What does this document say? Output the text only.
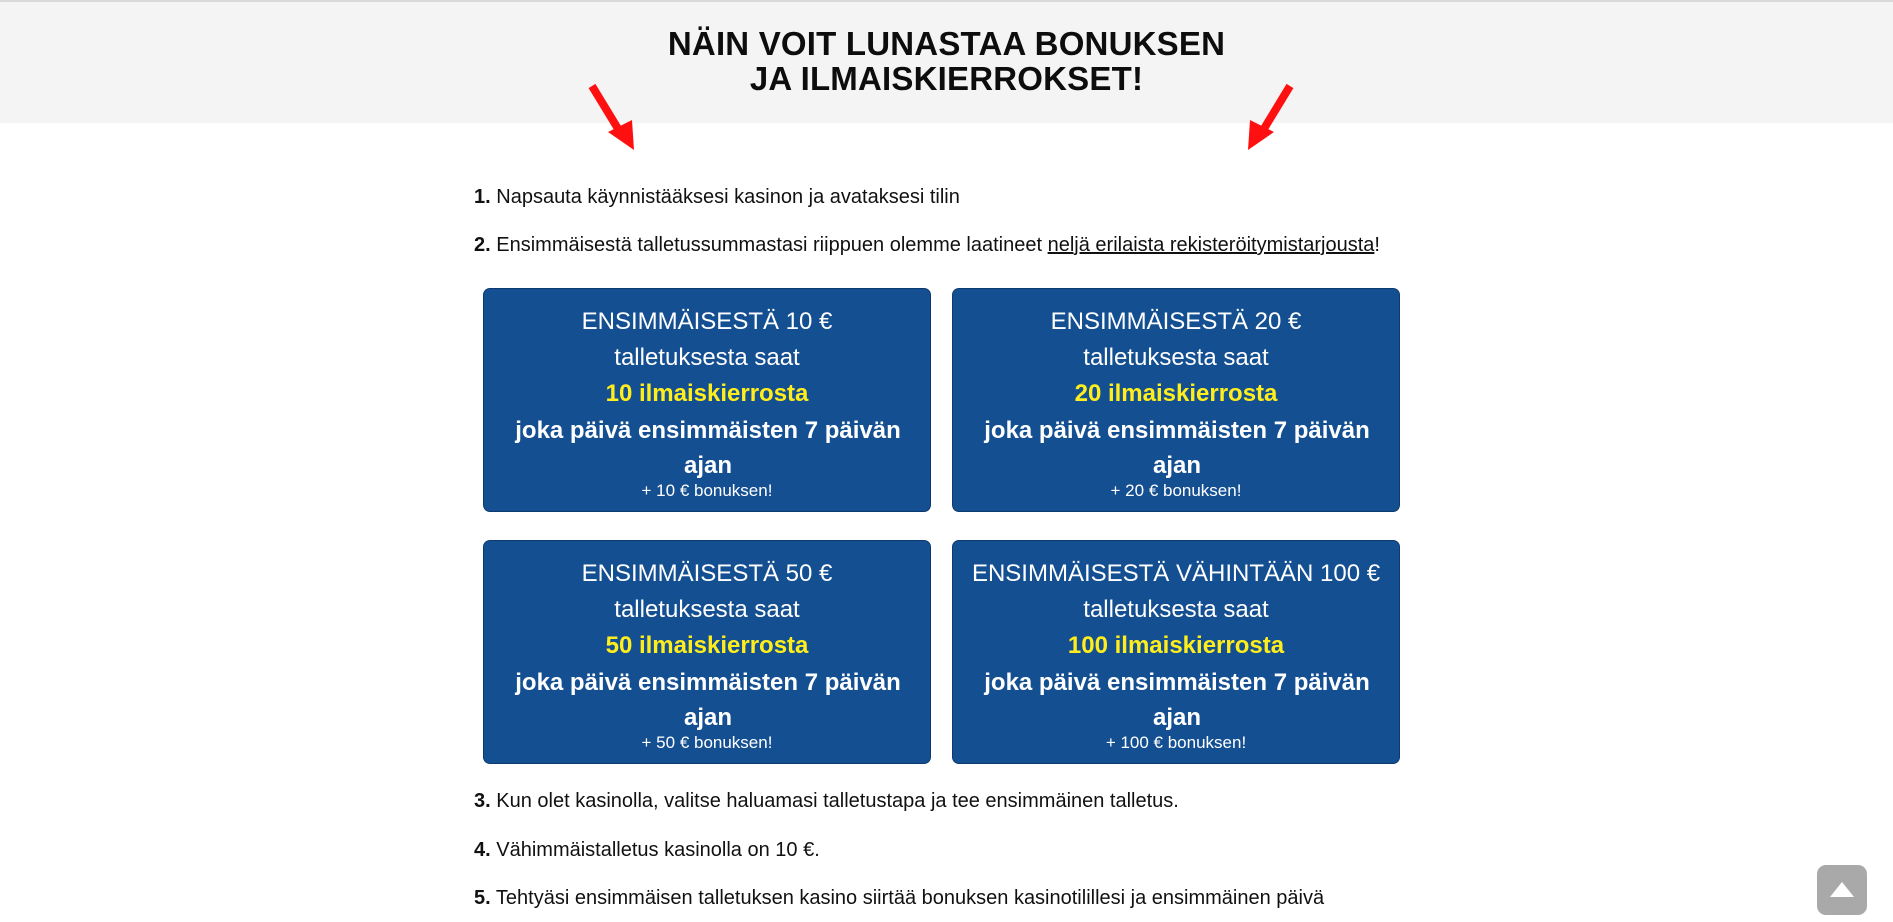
NÄIN VOIT LUNASTAA BONUKSEN
JA ILMAISKIERROKSET!

1. Napsauta käynnistääksesi kasinon ja avataksesi tilin

2. Ensimmäisestä talletussummastasi riippuen olemme laatineet neljä erilaista rekisteröitymistarjousta!

ENSIMMÄISESTÄ 10 €
talletuksesta saat
10 ilmaiskierrosta
joka päivä ensimmäisten 7 päivän ajan
+ 10 € bonuksen!
ENSIMMÄISESTÄ 20 €
talletuksesta saat
20 ilmaiskierrosta
joka päivä ensimmäisten 7 päivän ajan
+ 20 € bonuksen!
ENSIMMÄISESTÄ 50 €
talletuksesta saat
50 ilmaiskierrosta
joka päivä ensimmäisten 7 päivän ajan
+ 50 € bonuksen!
ENSIMMÄISESTÄ VÄHINTÄÄN 100 €
talletuksesta saat
100 ilmaiskierrosta
joka päivä ensimmäisten 7 päivän ajan
+ 100 € bonuksen!

3. Kun olet kasinolla, valitse haluamasi talletustapa ja tee ensimmäinen talletus.

4. Vähimmäistalletus kasinolla on 10 €.

5. Tehtyäsi ensimmäisen talletuksen kasino siirtää bonuksen kasinotilillesi ja ensimmäinen päivä
